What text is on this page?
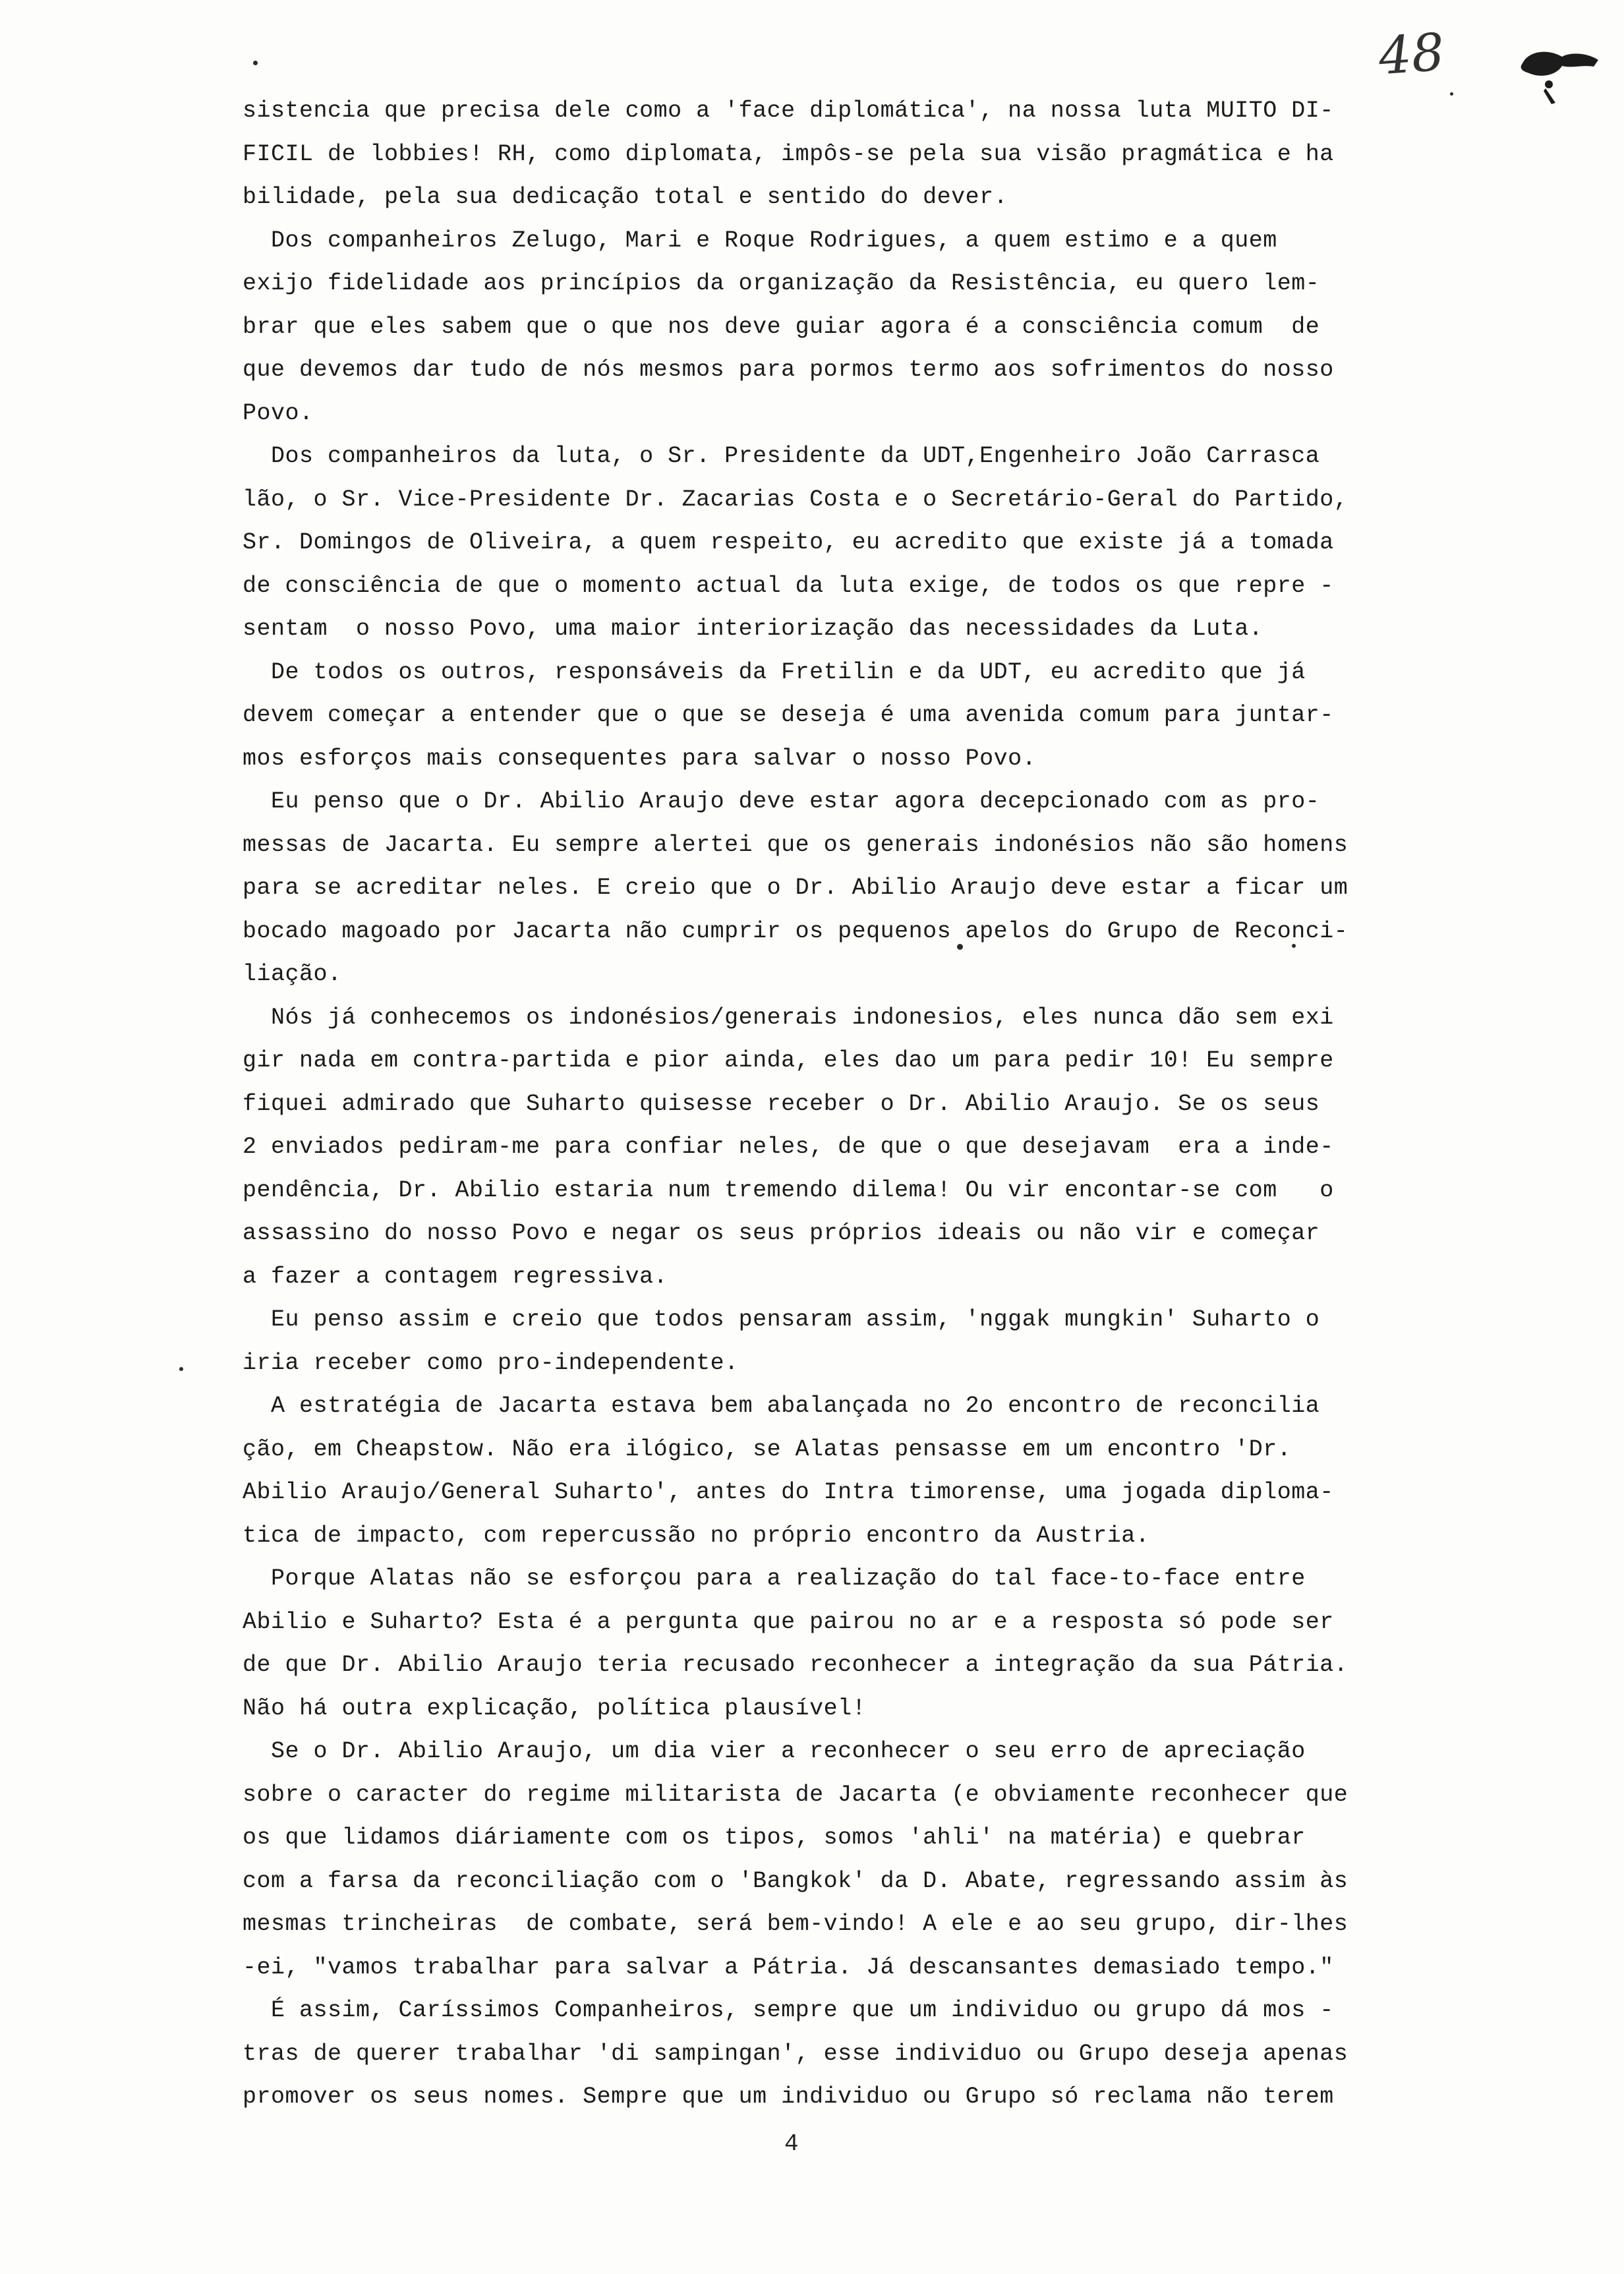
48
sistencia que precisa dele como a 'face diplomática', na nossa luta MUITO DI-
FICIL de lobbies! RH, como diplomata, impôs-se pela sua visão pragmática e ha
bilidade, pela sua dedicação total e sentido do dever.
Dos companheiros Zelugo, Mari e Roque Rodrigues, a quem estimo e a quem
exijo fidelidade aos princípios da organização da Resistência, eu quero lem-
brar que eles sabem que o que nos deve guiar agora é a consciência comum  de
que devemos dar tudo de nós mesmos para pormos termo aos sofrimentos do nosso
Povo.
Dos companheiros da luta, o Sr. Presidente da UDT,Engenheiro João Carrasca
lão, o Sr. Vice-Presidente Dr. Zacarias Costa e o Secretário-Geral do Partido,
Sr. Domingos de Oliveira, a quem respeito, eu acredito que existe já a tomada
de consciência de que o momento actual da luta exige, de todos os que repre -
sentam  o nosso Povo, uma maior interiorização das necessidades da Luta.
De todos os outros, responsáveis da Fretilin e da UDT, eu acredito que já
devem começar a entender que o que se deseja é uma avenida comum para juntar-
mos esforços mais consequentes para salvar o nosso Povo.
Eu penso que o Dr. Abilio Araujo deve estar agora decepcionado com as pro-
messas de Jacarta. Eu sempre alertei que os generais indonésios não são homens
para se acreditar neles. E creio que o Dr. Abilio Araujo deve estar a ficar um
bocado magoado por Jacarta não cumprir os pequenos apelos do Grupo de Reconci-
liação.
Nós já conhecemos os indonésios/generais indonesios, eles nunca dão sem exi
gir nada em contra-partida e pior ainda, eles dao um para pedir 10! Eu sempre
fiquei admirado que Suharto quisesse receber o Dr. Abilio Araujo. Se os seus
2 enviados pediram-me para confiar neles, de que o que desejavam  era a inde-
pendência, Dr. Abilio estaria num tremendo dilema! Ou vir encontar-se com   o
assassino do nosso Povo e negar os seus próprios ideais ou não vir e começar
a fazer a contagem regressiva.
Eu penso assim e creio que todos pensaram assim, 'nggak mungkin' Suharto o
iria receber como pro-independente.
A estratégia de Jacarta estava bem abalançada no 2o encontro de reconcilia
ção, em Cheapstow. Não era ilógico, se Alatas pensasse em um encontro 'Dr.
Abilio Araujo/General Suharto', antes do Intra timorense, uma jogada diploma-
tica de impacto, com repercussão no próprio encontro da Austria.
Porque Alatas não se esforçou para a realização do tal face-to-face entre
Abilio e Suharto? Esta é a pergunta que pairou no ar e a resposta só pode ser
de que Dr. Abilio Araujo teria recusado reconhecer a integração da sua Pátria.
Não há outra explicação, política plausível!
Se o Dr. Abilio Araujo, um dia vier a reconhecer o seu erro de apreciação
sobre o caracter do regime militarista de Jacarta (e obviamente reconhecer que
os que lidamos diáriamente com os tipos, somos 'ahli' na matéria) e quebrar
com a farsa da reconciliação com o 'Bangkok' da D. Abate, regressando assim às
mesmas trincheiras  de combate, será bem-vindo! A ele e ao seu grupo, dir-lhes
-ei, "vamos trabalhar para salvar a Pátria. Já descansantes demasiado tempo."
É assim, Caríssimos Companheiros, sempre que um individuo ou grupo dá mos -
tras de querer trabalhar 'di sampingan', esse individuo ou Grupo deseja apenas
promover os seus nomes. Sempre que um individuo ou Grupo só reclama não terem
4
